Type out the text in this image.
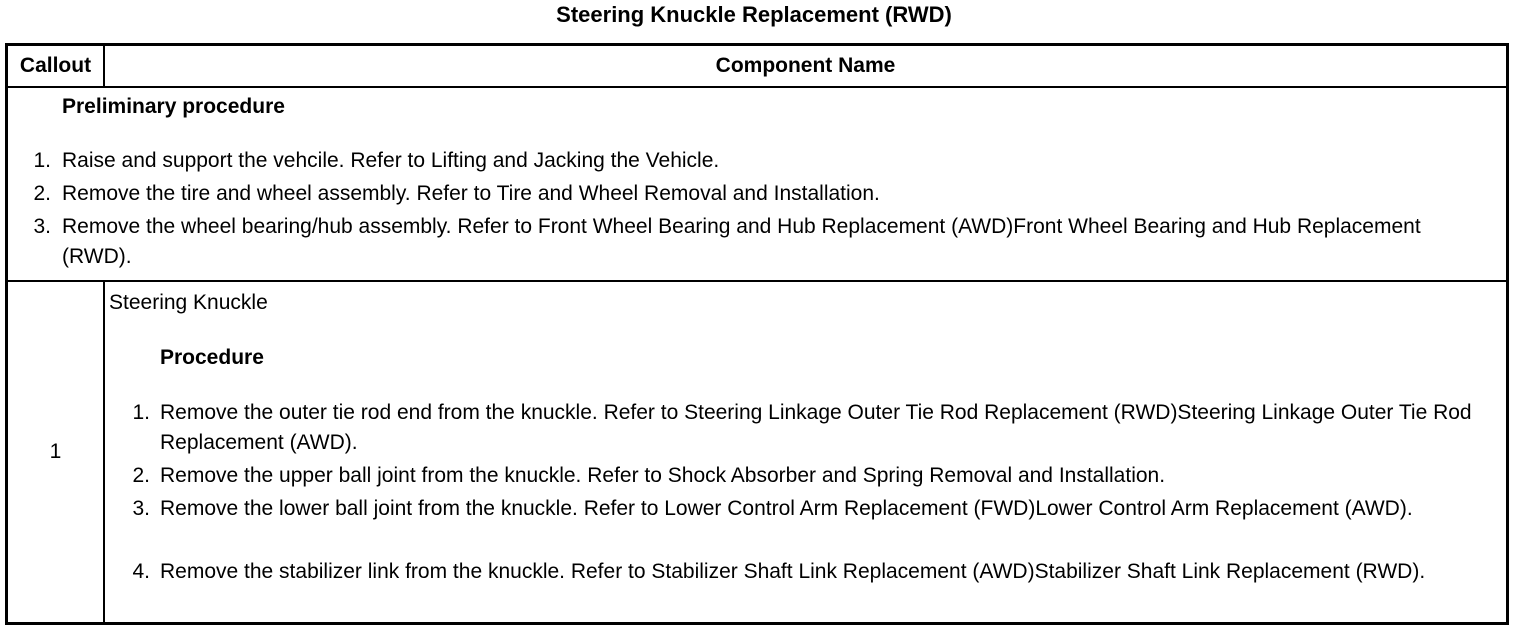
Steering Knuckle Replacement (RWD)
Callout	Component Name
Preliminary procedure
1. Raise and support the vehcile. Refer to Lifting and Jacking the Vehicle.
2. Remove the tire and wheel assembly. Refer to Tire and Wheel Removal and Installation.
3. Remove the wheel bearing/hub assembly. Refer to Front Wheel Bearing and Hub Replacement (AWD)Front Wheel Bearing and Hub Replacement (RWD).
1
Steering Knuckle
Procedure
1. Remove the outer tie rod end from the knuckle. Refer to Steering Linkage Outer Tie Rod Replacement (RWD)Steering Linkage Outer Tie Rod Replacement (AWD).
2. Remove the upper ball joint from the knuckle. Refer to Shock Absorber and Spring Removal and Installation.
3. Remove the lower ball joint from the knuckle. Refer to Lower Control Arm Replacement (FWD)Lower Control Arm Replacement (AWD).
4. Remove the stabilizer link from the knuckle. Refer to Stabilizer Shaft Link Replacement (AWD)Stabilizer Shaft Link Replacement (RWD).
